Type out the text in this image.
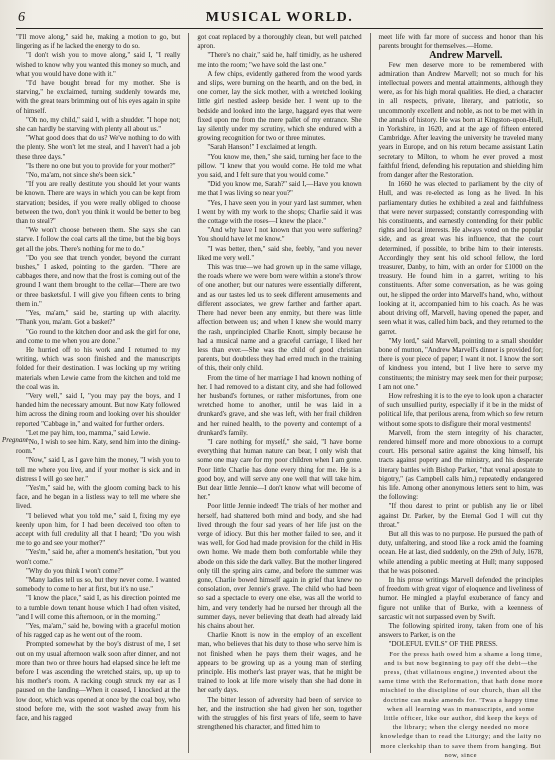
6	MUSICAL WORLD.
Pregnant

"I'll move along," said he, making a motion to go, but lingering as if he lacked the energy to do so.

"I don't wish you to move along," said I, "I really wished to know why you wanted this money so much, and what you would have done with it."

"I'd have bought bread for my mother. She is starving," he exclaimed, turning suddenly towards me, with the great tears brimming out of his eyes again in spite of himself.

"Oh no, my child," said I, with a shudder. "I hope not; she can hardly be starving with plenty all about us."

"What good does that do us? We've nothing to do with the plenty. She won't let me steal, and I haven't had a job these three days."

"Is there no one but you to provide for your mother?"

"No, ma'am, not since she's been sick."

"If you are really destitute you should let your wants be known. There are ways in which you can be kept from starvation; besides, if you were really obliged to choose between the two, don't you think it would be better to beg than to steal?"

"We won't choose between them. She says she can starve. I follow the coal carts all the time, but the big boys get all the jobs. There's nothing for me to do."

"Do you see that trench yonder, beyond the currant bushes," I asked, pointing to the garden. "There are cabbages there, and now that the frost is coming out of the ground I want them brought to the cellar—There are two or three basketsful. I will give you fifteen cents to bring them in."

"Yes, ma'am," said he, starting up with alacrity. "Thank you, ma'am. Got a basket?"

"Go round to the kitchen door and ask the girl for one, and come to me when you are done."

He hurried off to his work and I returned to my writing, which was soon finished and the manuscripts folded for their destination. I was locking up my writing materials when Lewie came from the kitchen and told me the coal was in.

"Very well," said I, "you may pay the boys, and I handed him the necessary amount. But now Katy followed him across the dining room and looking over his shoulder reported "Cabbage in," and waited for further orders.

"Let me pay him, too, mamma," said Lewie.

"No, I wish to see him. Katy, send him into the dining-room."

"Now," said I, as I gave him the money, "I wish you to tell me where you live, and if your mother is sick and in distress I will go see her."

"Yes'm," said he, with the gloom coming back to his face, and he began in a listless way to tell me where she lived.

"I believed what you told me," said I, fixing my eye keenly upon him, for I had been deceived too often to accept with full credulity all that I heard; "Do you wish me to go and see your mother?"

"Yes'm," said he, after a moment's hesitation, "but you won't come."

"Why do you think I won't come?"

"Many ladies tell us so, but they never come. I wanted somebody to come to her at first, but it's no use."

"I know the place," said I, as his direction pointed me to a tumble down tenant house which I had often visited, "and I will come this afternoon, or in the morning."

"Yes, ma'am," said he, bowing with a graceful motion of his ragged cap as he went out of the room.

Prompted somewhat by the boy's distrust of me, I set out on my usual afternoon walk soon after dinner, and not more than two or three hours had elapsed since he left me before I was ascending the wretched stairs, up, up up to his mother's room. A racking cough struck my ear as I paused on the landing—When it ceased, I knocked at the low door, which was opened at once by the coal boy, who stood before me, with the soot washed away from his face, and his ragged

got coat replaced by a thoroughly clean, but well patched apron.

"There's no chair," said he, half timidly, as he ushered me into the room; "we have sold the last one."

A few chips, evidently gathered from the wood yards and slips, were burning on the hearth, and on the bed, in one corner, lay the sick mother, with a wretched looking little girl nestled asleep beside her. I went up to the bedside and looked into the large, haggard eyes that were fixed upon me from the mere pallet of my entrance. She lay silently under my scrutiny, which she endured with a growing recognition for two or three minutes.

"Sarah Hanson!" I exclaimed at length.

"You know me, then," she said, turning her face to the pillow. "I knew that you would come. He told me what you said, and I felt sure that you would come."

"Did you know me, Sarah?" said I,—Have you known me that I was living so near you?"

"Yes, I have seen you in your yard last summer, when I went by with my work to the shops; Charlie said it was the cottage with the roses—I knew the place."

"And why have I not known that you were suffering? You should have let me know."

"I was better, then," said she, feebly, "and you never liked me very well."

This was true—we had grown up in the same village, the roads where we were born were within a stone's throw of one another; but our natures were essentially different, and as our tastes led us to seek different amusements and different associates, we grew farther and farther apart. There had never been any enmity, but there was little affection between us; and when I knew she would marry the rash, unprincipled Charlie Knott, simply because he had a musical name and a graceful carriage, I liked her less than ever.—She was the child of good christian parents, but doubtless they had erred much in the training of this, their only child.

From the time of her marriage I had known nothing of her. I had removed to a distant city, and she had followed her husband's fortunes, or rather misfortunes, from one wretched home to another, until he was laid in a drunkard's grave, and she was left, with her frail children and her ruined health, to the poverty and contempt of a drunkard's family.

"I care nothing for myself," she said, "I have borne everything that human nature can bear, I only wish that some one may care for my poor children when I am gone. Poor little Charlie has done every thing for me. He is a good boy, and will serve any one well that will take him. But dear little Jennie—I don't know what will become of her."

Poor little Jennie indeed! The trials of her mother and herself, had shattered both mind and body, and she had lived through the four sad years of her life just on the verge of idiocy. But this her mother failed to see, and it was well, for God had made provision for the child in His own home. We made them both comfortable while they abode on this side the dark valley. But the mother lingered only till the spring airs came, and before the summer was gone, Charlie bowed himself again in grief that knew no consolation, over Jennie's grave. The child who had been so sad a spectacle to every one else, was all the world to him, and very tenderly had he nursed her through all the summer days, never believing that death had already laid his chains about her.

Charlie Knott is now in the employ of an excellent man, who believes that his duty to those who serve him is not finished when he pays them their wages, and he appears to be growing up as a young man of sterling principle. His mother's last prayer was, that he might be trained to look at life more wisely than she had done in her early days.

The bitter lesson of adversity had been of service to her, and the instruction she had given her son, together with the struggles of his first years of life, seem to have strengthened his character, and fitted him to

meet life with far more of success and honor than his parents brought for themselves.—Home.

Andrew Marvell.

Few men deserve more to be remembered with admiration than Andrew Marvell; not so much for his intellectual powers and mental attainments, although they were, as for his high moral qualities. He died, a character in all respects, private, literary, and patriotic, so uncommonly excellent and noble, as not to be met with in the annals of history. He was born at Kingston-upon-Hull, in Yorkshire, in 1620, and at the age of fifteen entered Cambridge. After leaving the university he traveled many years in Europe, and on his return became assistant Latin secretary to Milton, to whom he ever proved a most faithful friend, defending his reputation and shielding him from danger after the Restoration.

In 1660 he was elected to parliament by the city of Hull, and was re-elected as long as he lived. In his parliamentary duties he exhibited a zeal and faithfulness that were never surpassed; constantly corresponding with his constituents, and earnestly contending for their public rights and local interests. He always voted on the popular side, and as great was his influence, that the court determined, if possible, to bribe him to their interests. Accordingly they sent his old school fellow, the lord treasurer, Danby, to him, with an order for £1000 on the treasury. He found him in a garret, writing to his constituents. After some conversation, as he was going out, he slipped the order into Marvell's hand, who, without looking at it, accompanied him to his coach. As he was about driving off, Marvell, having opened the paper, and seen what it was, called him back, and they returned to the garret.

"My lord," said Marvell, pointing to a small shoulder bone of mutton, "Andrew Marvell's dinner is provided for; there is your piece of paper; I want it not. I know the sort of kindness you intend, but I live here to serve my constituents; the ministry may seek men for their purpose; I am not one."

How refreshing it is to the eye to look upon a character of such unsullied purity, especially if it be in the midst of political life, that perilous arena, from which so few return without some spots to disfigure their moral vestments!

Marvell, from the stern integrity of his character, rendered himself more and more obnoxious to a corrupt court. His personal satire against the king himself, his tracts against popery and the ministry, and his desperate literary battles with Bishop Parker, "that venal apostate to bigotry," (as Campbell calls him,) repeatedly endangered his life. Among other anonymous letters sent to him, was the following:

"If thou darest to print or publish any lie or libel against Dr. Parker, by the Eternal God I will cut thy throat."

But all this was to no purpose. He pursued the path of duty, unfaltering, and stood like a rock amid the foaming ocean. He at last, died suddenly, on the 29th of July, 1678, while attending a public meeting at Hull; many supposed that he was poisoned.

In his prose writings Marvell defended the principles of freedom with great vigor of eloquence and liveliness of humor. He mingled a playful exuberance of fancy and figure not unlike that of Burke, with a keenness of sarcastic wit not surpassed even by Swift.

The following spirited irony, taken from one of his answers to Parker, is on the

"DOLEFUL EVILS" OF THE PRESS.

For the press hath owed him a shame a long time, and is but now beginning to pay off the debt—the press, (that villainous engine,) invented about the same time with the Reformation, that hath done more mischief to the discipline of our church, than all the doctrine can make amends for. 'Twas a happy time when all learning was in manuscripts, and some little officer, like our author, did keep the keys of the library; when the clergy needed no more knowledge than to read the Liturgy; and the laity no more clerkship than to save them from hanging. But now, since
